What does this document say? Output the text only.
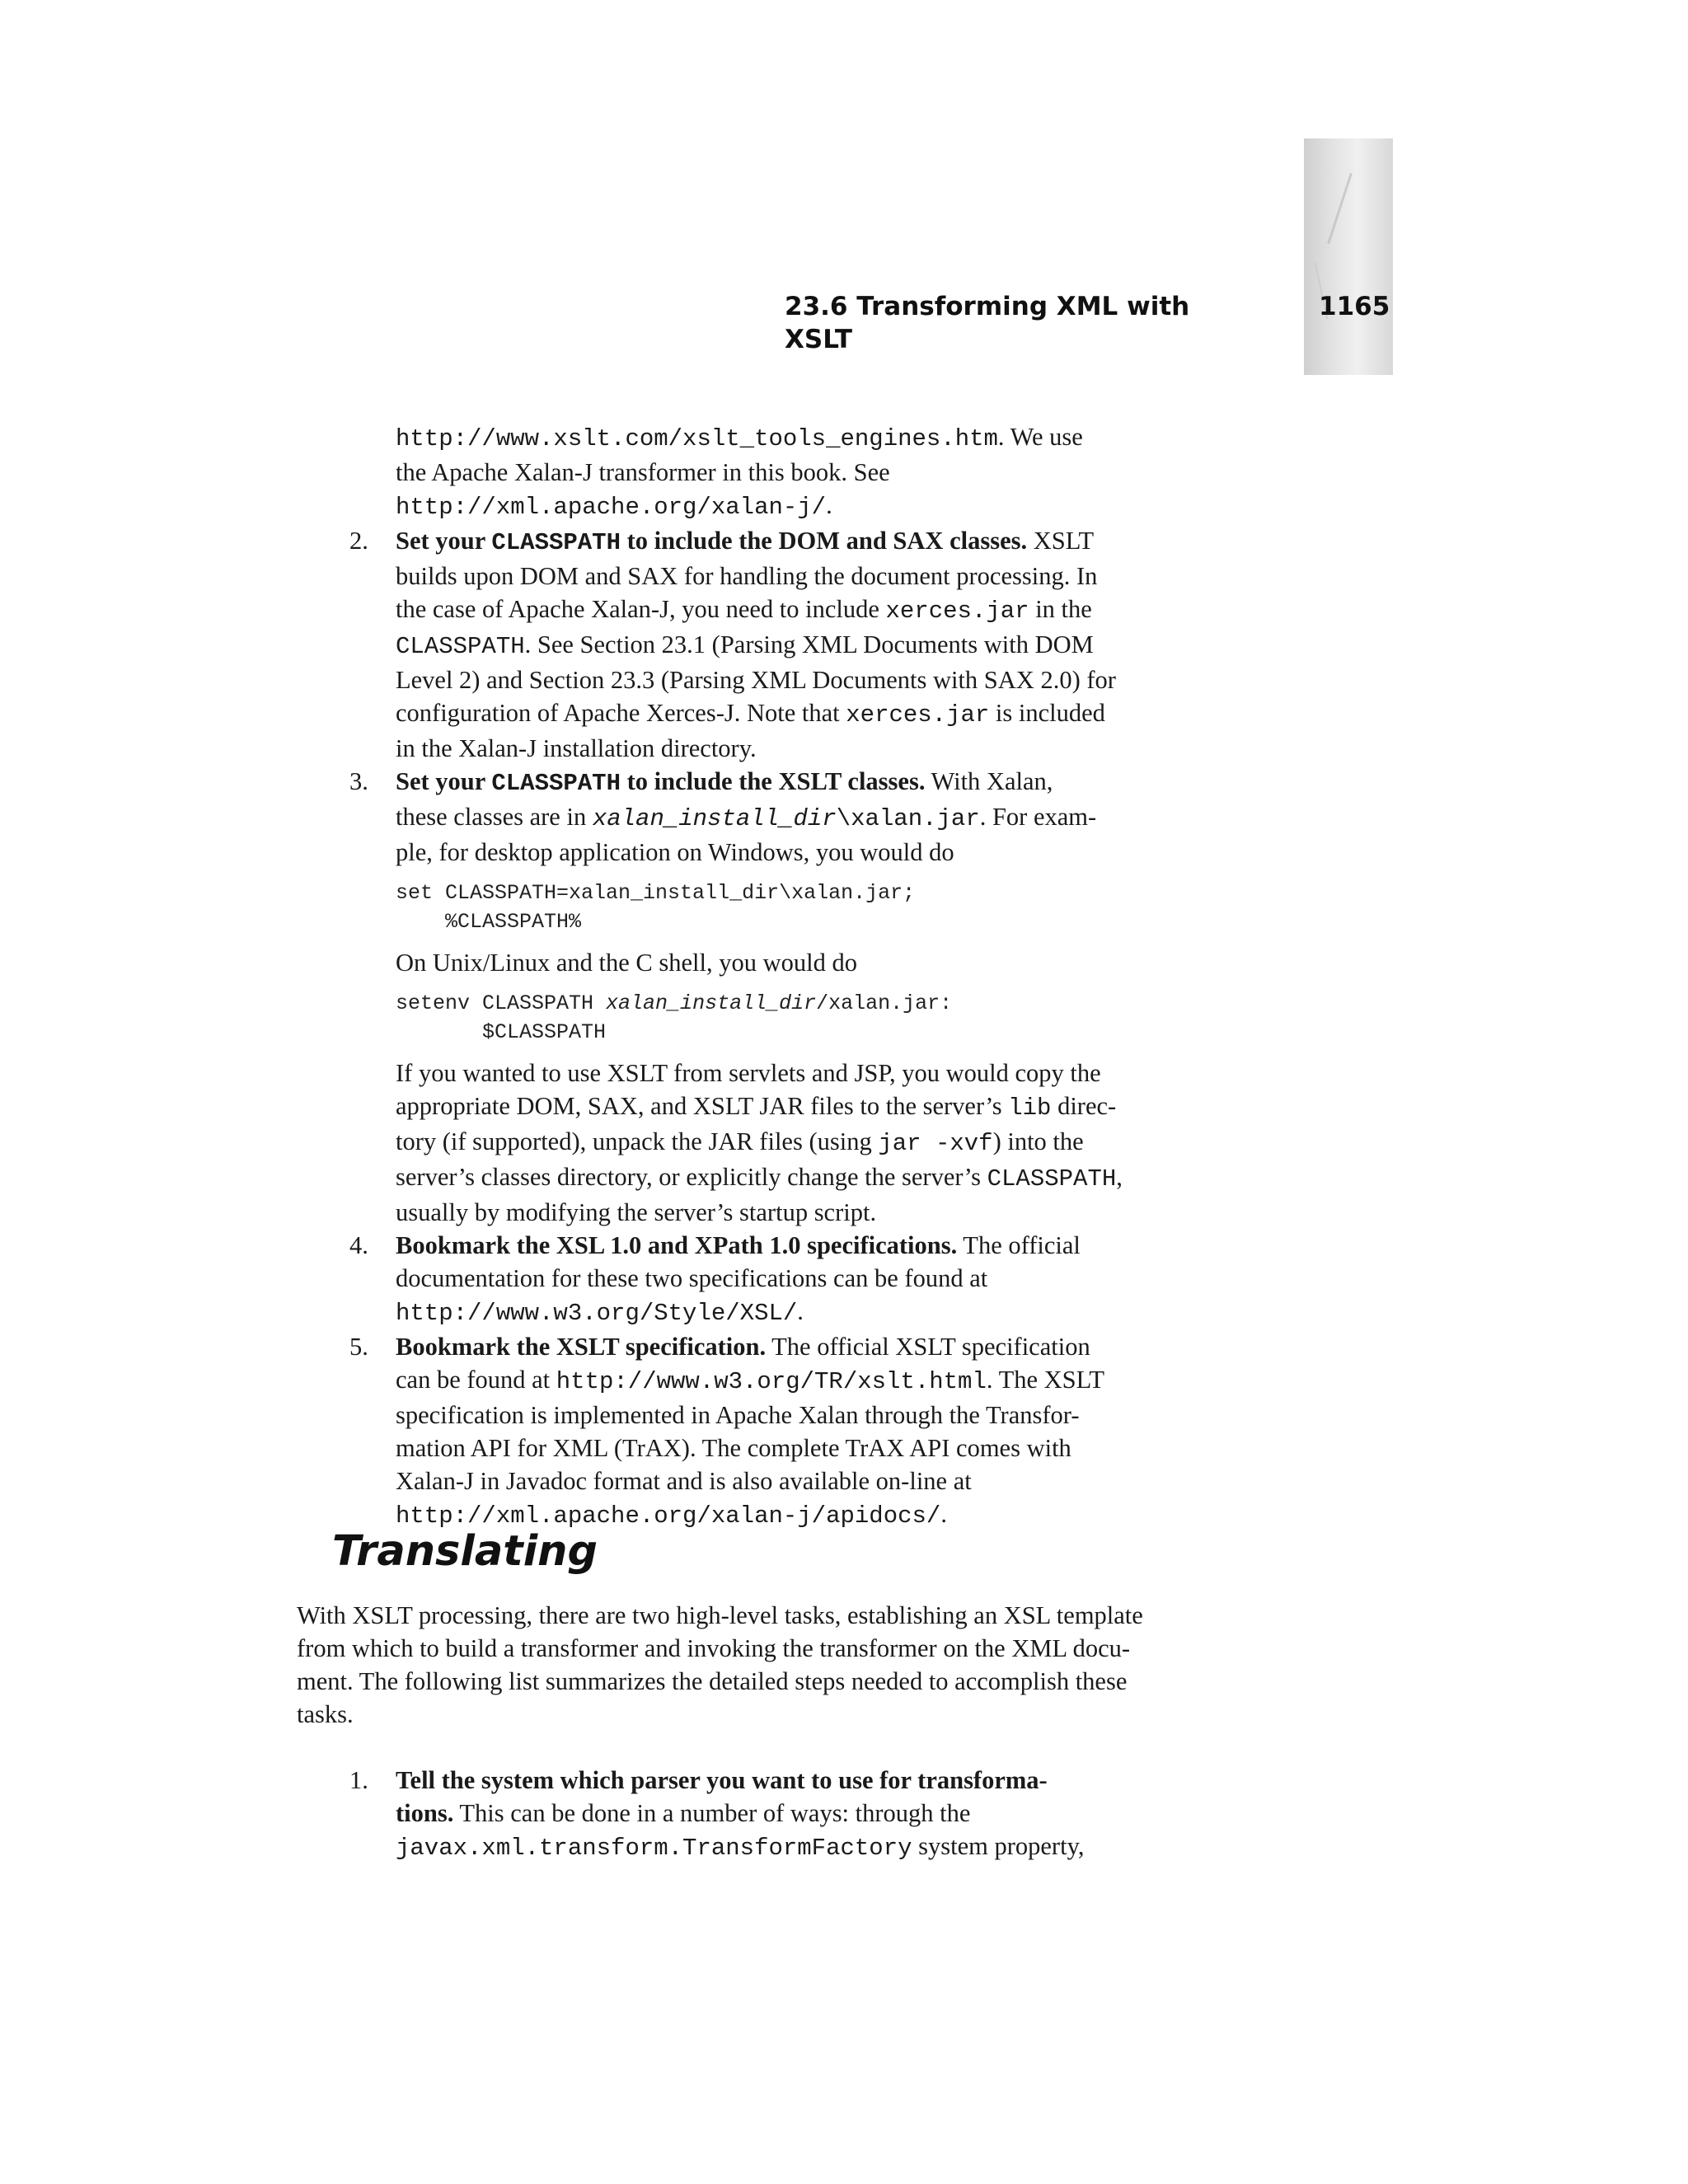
23.6 Transforming XML with XSLT
1165
http://www.xslt.com/xslt_tools_engines.htm. We use
the Apache Xalan-J transformer in this book. See
http://xml.apache.org/xalan-j/.
2. Set your CLASSPATH to include the DOM and SAX classes. XSLT
builds upon DOM and SAX for handling the document processing. In
the case of Apache Xalan-J, you need to include xerces.jar in the
CLASSPATH. See Section 23.1 (Parsing XML Documents with DOM
Level 2) and Section 23.3 (Parsing XML Documents with SAX 2.0) for
configuration of Apache Xerces-J. Note that xerces.jar is included
in the Xalan-J installation directory.
3. Set your CLASSPATH to include the XSLT classes. With Xalan,
these classes are in xalan_install_dir\xalan.jar. For exam-
ple, for desktop application on Windows, you would do
set CLASSPATH=xalan_install_dir\xalan.jar;
%CLASSPATH%
On Unix/Linux and the C shell, you would do
setenv CLASSPATH xalan_install_dir/xalan.jar:
$CLASSPATH
If you wanted to use XSLT from servlets and JSP, you would copy the
appropriate DOM, SAX, and XSLT JAR files to the server’s lib direc-
tory (if supported), unpack the JAR files (using jar -xvf) into the
server’s classes directory, or explicitly change the server’s CLASSPATH,
usually by modifying the server’s startup script.
4. Bookmark the XSL 1.0 and XPath 1.0 specifications. The official
documentation for these two specifications can be found at
http://www.w3.org/Style/XSL/.
5. Bookmark the XSLT specification. The official XSLT specification
can be found at http://www.w3.org/TR/xslt.html. The XSLT
specification is implemented in Apache Xalan through the Transfor-
mation API for XML (TrAX). The complete TrAX API comes with
Xalan-J in Javadoc format and is also available on-line at
http://xml.apache.org/xalan-j/apidocs/.
Translating

With XSLT processing, there are two high-level tasks, establishing an XSL template

from which to build a transformer and invoking the transformer on the XML docu-

ment. The following list summarizes the detailed steps needed to accomplish these

tasks.

1. Tell the system which parser you want to use for transforma-
tions. This can be done in a number of ways: through the
javax.xml.transform.TransformFactory system property,
